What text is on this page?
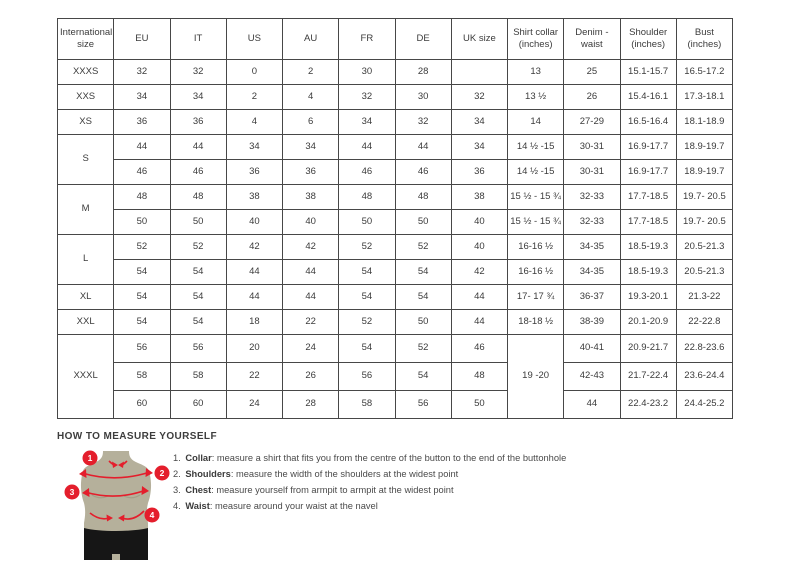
International size	EU	IT	US	AU	FR	DE	UK size	Shirt collar (inches)	Denim - waist	Shoulder (inches)	Bust (inches)
XXXS	32	32	0	2	30	28		13	25	15.1-15.7	16.5-17.2
XXS	34	34	2	4	32	30	32	13 ½	26	15.4-16.1	17.3-18.1
XS	36	36	4	6	34	32	34	14	27-29	16.5-16.4	18.1-18.9
S	44	44	34	34	44	44	34	14 ½ -15	30-31	16.9-17.7	18.9-19.7
	46	46	36	36	46	46	36	14 ½ -15	30-31	16.9-17.7	18.9-19.7
M	48	48	38	38	48	48	38	15 ½ - 15 ¾	32-33	17.7-18.5	19.7- 20.5
	50	50	40	40	50	50	40	15 ½ - 15 ¾	32-33	17.7-18.5	19.7- 20.5
L	52	52	42	42	52	52	40	16-16 ½	34-35	18.5-19.3	20.5-21.3
	54	54	44	44	54	54	42	16-16 ½	34-35	18.5-19.3	20.5-21.3
XL	54	54	44	44	54	54	44	17- 17 ¾	36-37	19.3-20.1	21.3-22
XXL	54	54	18	22	52	50	44	18-18 ½	38-39	20.1-20.9	22-22.8
XXXL	56	56	20	24	54	52	46	19 -20	40-41	20.9-21.7	22.8-23.6
	58	58	22	26	56	54	48		42-43	21.7-22.4	23.6-24.4
	60	60	24	28	58	56	50		44	22.4-23.2	24.4-25.2
HOW TO MEASURE YOURSELF
1
2
3
4
1. Collar: measure a shirt that fits you from the centre of the button to the end of the buttonhole
2. Shoulders: measure the width of the shoulders at the widest point
3. Chest: measure yourself from armpit to armpit at the widest point
4. Waist: measure around your waist at the navel
